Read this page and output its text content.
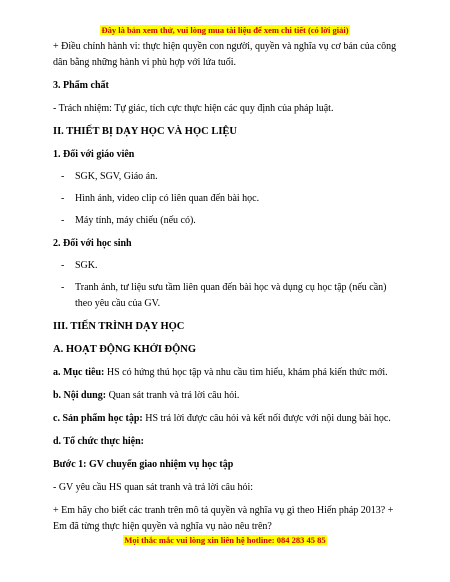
Đây là bản xem thử, vui lòng mua tài liệu để xem chi tiết (có lời giải)

+ Điều chỉnh hành vi: thực hiện quyền con người, quyền và nghĩa vụ cơ bản của công dân bằng những hành vi phù hợp với lứa tuổi.

3. Phẩm chất

- Trách nhiệm: Tự giác, tích cực thực hiện các quy định của pháp luật.

II. THIẾT BỊ DẠY HỌC VÀ HỌC LIỆU

1. Đối với giáo viên

-	SGK, SGV, Giáo án.
-	Hình ảnh, video clip có liên quan đến bài học.
-	Máy tính, máy chiếu (nếu có).

2. Đối với học sinh

-	SGK.
-	Tranh ảnh, tư liệu sưu tầm liên quan đến bài học và dụng cụ học tập (nếu cần) theo yêu cầu của GV.

III. TIẾN TRÌNH DẠY HỌC

A. HOẠT ĐỘNG KHỞI ĐỘNG

a. Mục tiêu: HS có hứng thú học tập và nhu cầu tìm hiểu, khám phá kiến thức mới.

b. Nội dung: Quan sát tranh và trả lời câu hỏi.

c. Sản phẩm học tập: HS trả lời được câu hỏi và kết nối được với nội dung bài học.

d. Tổ chức thực hiện:

Bước 1: GV chuyển giao nhiệm vụ học tập

- GV yêu cầu HS quan sát tranh và trả lời câu hỏi:

+ Em hãy cho biết các tranh trên mô tả quyền và nghĩa vụ gì theo Hiến pháp 2013? + Em đã từng thực hiện quyền và nghĩa vụ nào nêu trên?

Mọi thắc mắc vui lòng xin liên hệ hotline: 084 283 45 85
